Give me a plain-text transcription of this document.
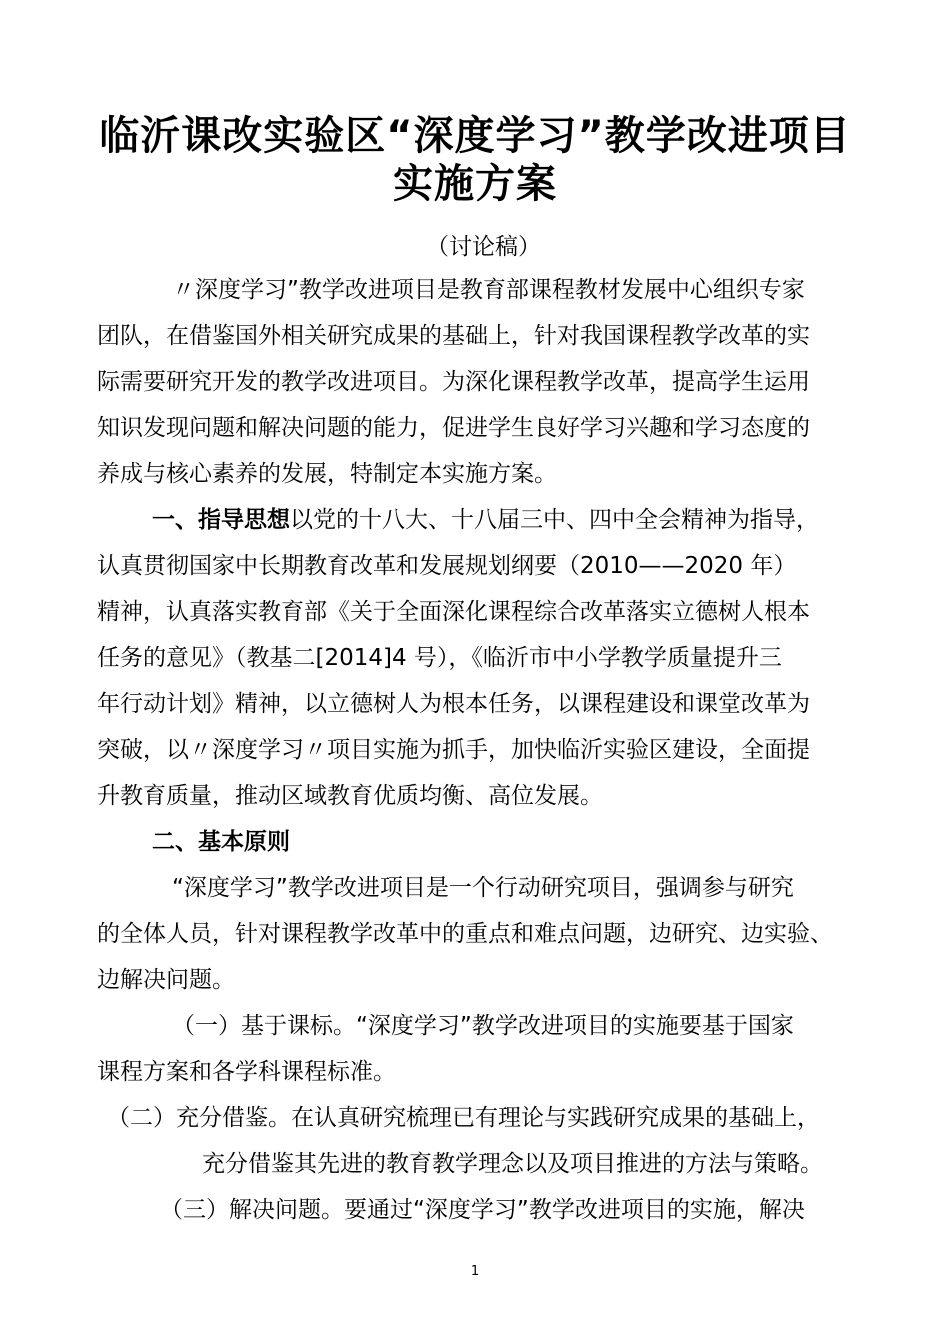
临沂课改实验区“深度学习”教学改进项目
实施方案
（讨论稿）
〃深度学习”教学改进项目是教育部课程教材发展中心组织专家
团队，在借鉴国外相关研究成果的基础上，针对我国课程教学改革的实
际需要研究开发的教学改进项目。为深化课程教学改革，提高学生运用
知识发现问题和解决问题的能力，促进学生良好学习兴趣和学习态度的
养成与核心素养的发展，特制定本实施方案。
一、指导思想以党的十八大、十八届三中、四中全会精神为指导，
认真贯彻国家中长期教育改革和发展规划纲要（2010——2020 年）
精神，认真落实教育部《关于全面深化课程综合改革落实立德树人根本
任务的意见》（教基二[2014]4 号），《临沂市中小学教学质量提升三
年行动计划》精神，以立德树人为根本任务，以课程建设和课堂改革为
突破，以〃深度学习〃项目实施为抓手，加快临沂实验区建设，全面提
升教育质量，推动区域教育优质均衡、高位发展。
二、基本原则
“深度学习”教学改进项目是一个行动研究项目，强调参与研究
的全体人员，针对课程教学改革中的重点和难点问题，边研究、边实验、
边解决问题。
（一）基于课标。“深度学习”教学改进项目的实施要基于国家
课程方案和各学科课程标准。
（二）充分借鉴。在认真研究梳理已有理论与实践研究成果的基础上，
充分借鉴其先进的教育教学理念以及项目推进的方法与策略。
（三）解决问题。要通过“深度学习”教学改进项目的实施，解决
1
